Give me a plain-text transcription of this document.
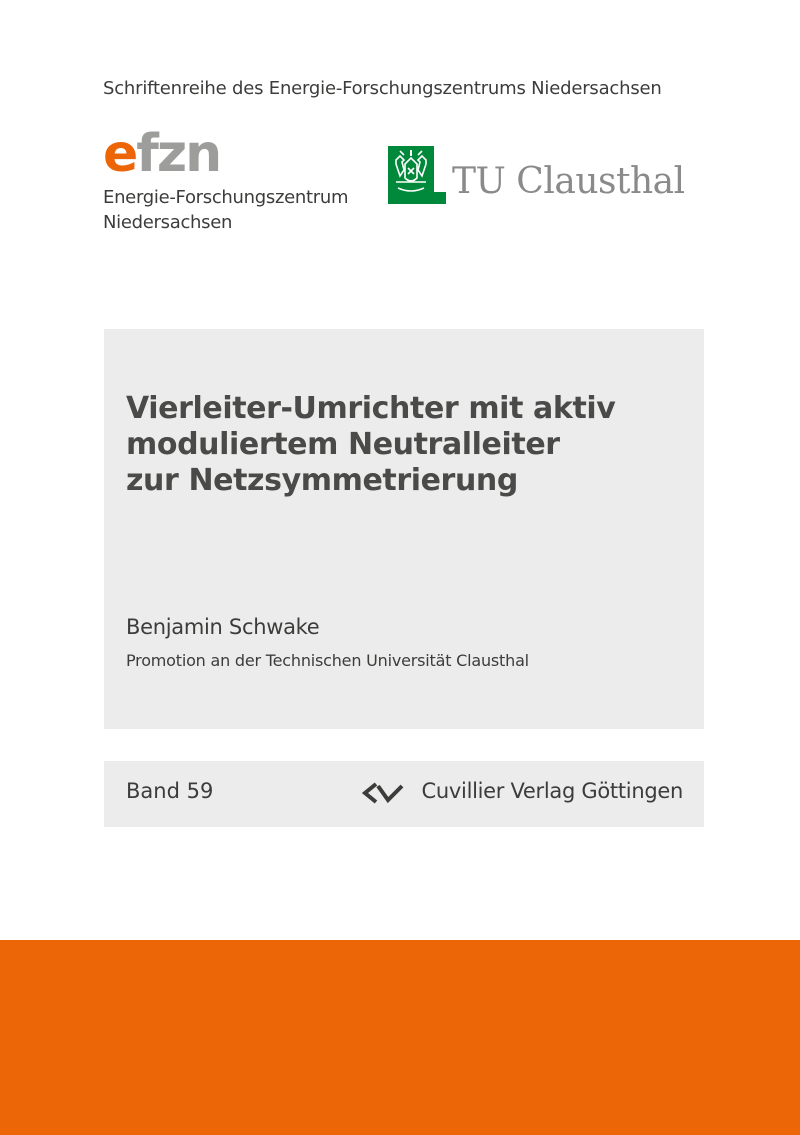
Schriftenreihe des Energie-Forschungszentrums Niedersachsen
efzn
Energie-Forschungszentrum
Niedersachsen
TU Clausthal
Vierleiter-Umrichter mit aktiv
moduliertem Neutralleiter
zur Netzsymmetrierung
Benjamin Schwake
Promotion an der Technischen Universität Clausthal
Band 59	Cuvillier Verlag Göttingen
